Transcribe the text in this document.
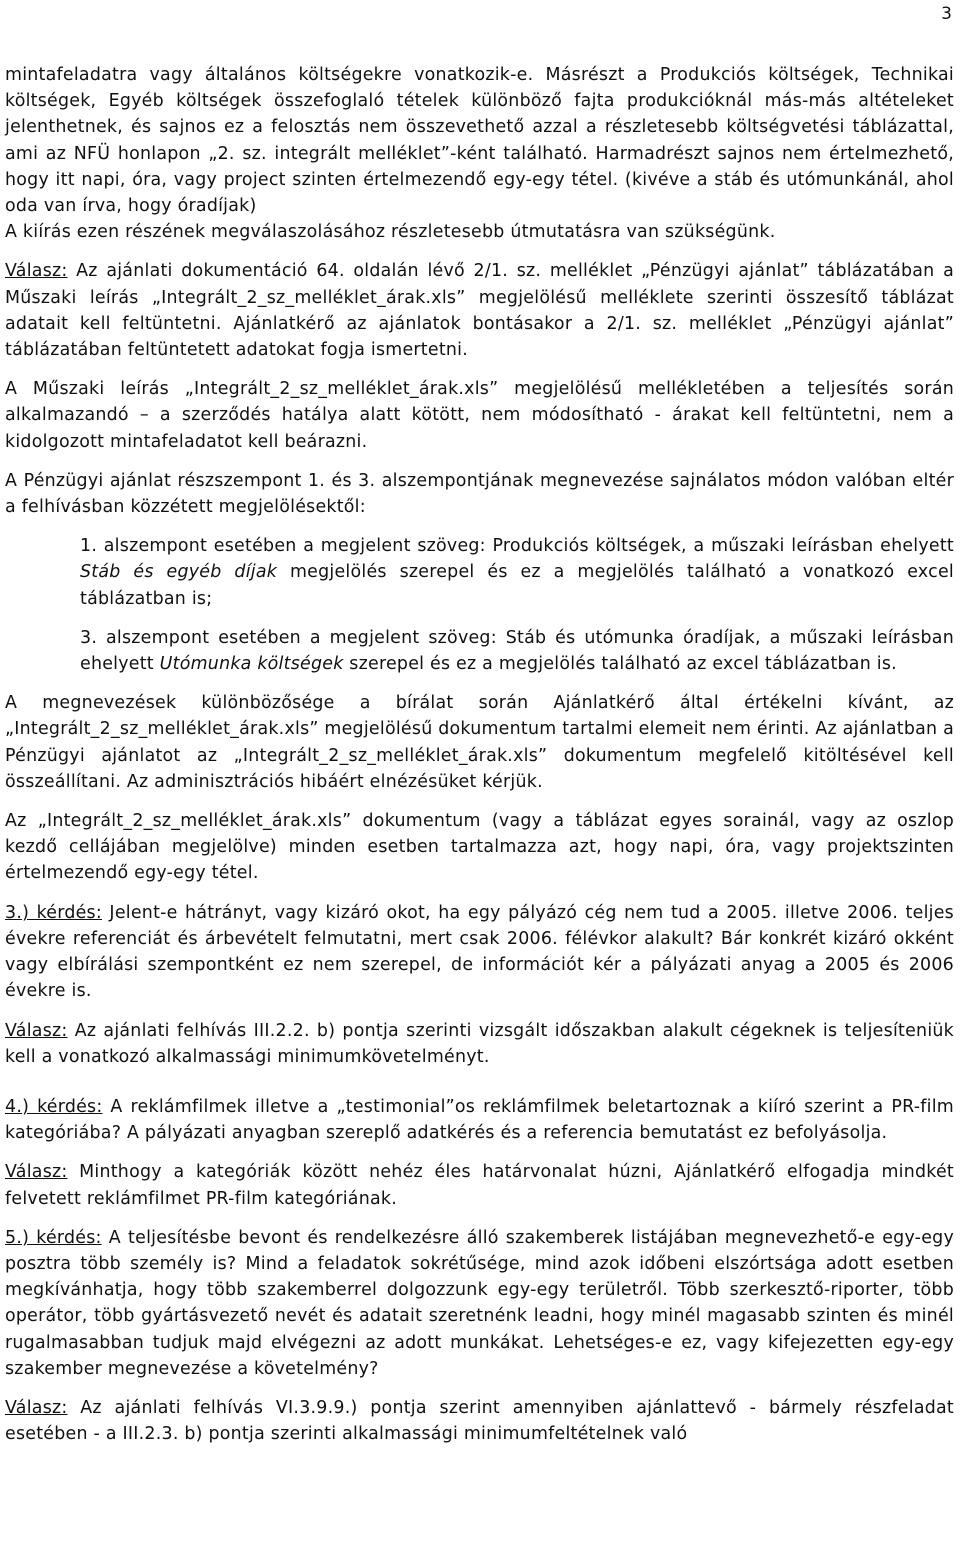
3

mintafeladatra vagy általános költségekre vonatkozik-e. Másrészt a Produkciós költségek, Technikai költségek, Egyéb költségek összefoglaló tételek különböző fajta produkcióknál más-más altételeket jelenthetnek, és sajnos ez a felosztás nem összevethető azzal a részletesebb költségvetési táblázattal, ami az NFÜ honlapon „2. sz. integrált melléklet”-ként található. Harmadrészt sajnos nem értelmezhető, hogy itt napi, óra, vagy project szinten értelmezendő egy-egy tétel. (kivéve a stáb és utómunkánál, ahol oda van írva, hogy óradíjak)

A kiírás ezen részének megválaszolásához részletesebb útmutatásra van szükségünk.

Válasz: Az ajánlati dokumentáció 64. oldalán lévő 2/1. sz. melléklet „Pénzügyi ajánlat” táblázatában a Műszaki leírás „Integrált_2_sz_melléklet_árak.xls” megjelölésű melléklete szerinti összesítő táblázat adatait kell feltüntetni. Ajánlatkérő az ajánlatok bontásakor a 2/1. sz. melléklet „Pénzügyi ajánlat” táblázatában feltüntetett adatokat fogja ismertetni.

A Műszaki leírás „Integrált_2_sz_melléklet_árak.xls” megjelölésű mellékletében a teljesítés során alkalmazandó – a szerződés hatálya alatt kötött, nem módosítható - árakat kell feltüntetni, nem a kidolgozott mintafeladatot kell beárazni.

A Pénzügyi ajánlat részszempont 1. és 3. alszempontjának megnevezése sajnálatos módon valóban eltér a felhívásban közzétett megjelölésektől:

1. alszempont esetében a megjelent szöveg: Produkciós költségek, a műszaki leírásban ehelyett Stáb és egyéb díjak megjelölés szerepel és ez a megjelölés található a vonatkozó excel táblázatban is;

3. alszempont esetében a megjelent szöveg: Stáb és utómunka óradíjak, a műszaki leírásban ehelyett Utómunka költségek szerepel és ez a megjelölés található az excel táblázatban is.

A megnevezések különbözősége a bírálat során Ajánlatkérő által értékelni kívánt, az „Integrált_2_sz_melléklet_árak.xls” megjelölésű dokumentum tartalmi elemeit nem érinti. Az ajánlatban a Pénzügyi ajánlatot az „Integrált_2_sz_melléklet_árak.xls” dokumentum megfelelő kitöltésével kell összeállítani. Az adminisztrációs hibáért elnézésüket kérjük.

Az „Integrált_2_sz_melléklet_árak.xls” dokumentum (vagy a táblázat egyes sorainál, vagy az oszlop kezdő cellájában megjelölve) minden esetben tartalmazza azt, hogy napi, óra, vagy projektszinten értelmezendő egy-egy tétel.

3.) kérdés: Jelent-e hátrányt, vagy kizáró okot, ha egy pályázó cég nem tud a 2005. illetve 2006. teljes évekre referenciát és árbevételt felmutatni, mert csak 2006. félévkor alakult? Bár konkrét kizáró okként vagy elbírálási szempontként ez nem szerepel, de információt kér a pályázati anyag a 2005 és 2006 évekre is.

Válasz: Az ajánlati felhívás III.2.2. b) pontja szerinti vizsgált időszakban alakult cégeknek is teljesíteniük kell a vonatkozó alkalmassági minimumkövetelményt.

4.) kérdés: A reklámfilmek illetve a „testimonial”os reklámfilmek beletartoznak a kiíró szerint a PR-film kategóriába? A pályázati anyagban szereplő adatkérés és a referencia bemutatást ez befolyásolja.

Válasz: Minthogy a kategóriák között nehéz éles határvonalat húzni, Ajánlatkérő elfogadja mindkét felvetett reklámfilmet PR-film kategóriának.

5.) kérdés: A teljesítésbe bevont és rendelkezésre álló szakemberek listájában megnevezhető-e egy-egy posztra több személy is? Mind a feladatok sokrétűsége, mind azok időbeni elszórtsága adott esetben megkívánhatja, hogy több szakemberrel dolgozzunk egy-egy területről. Több szerkesztő-riporter, több operátor, több gyártásvezető nevét és adatait szeretnénk leadni, hogy minél magasabb szinten és minél rugalmasabban tudjuk majd elvégezni az adott munkákat. Lehetséges-e ez, vagy kifejezetten egy-egy szakember megnevezése a követelmény?

Válasz: Az ajánlati felhívás VI.3.9.9.) pontja szerint amennyiben ajánlattevő - bármely részfeladat esetében - a III.2.3. b) pontja szerinti alkalmassági minimumfeltételnek való
